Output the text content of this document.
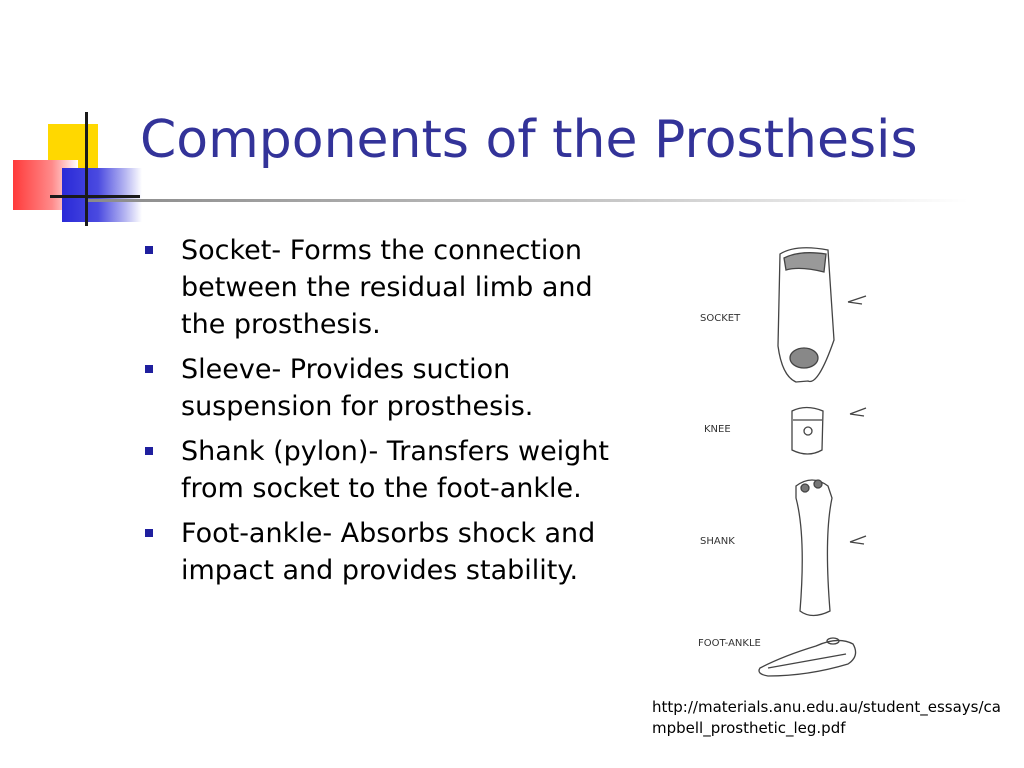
Components of the Prosthesis
Socket- Forms the connection between the residual limb and the prosthesis.
Sleeve- Provides suction suspension for prosthesis.
Shank (pylon)- Transfers weight from socket to the foot-ankle.
Foot-ankle- Absorbs shock and impact and provides stability.
SOCKET
KNEE
SHANK
FOOT-ANKLE
http://materials.anu.edu.au/student_essays/campbell_prosthetic_leg.pdf
